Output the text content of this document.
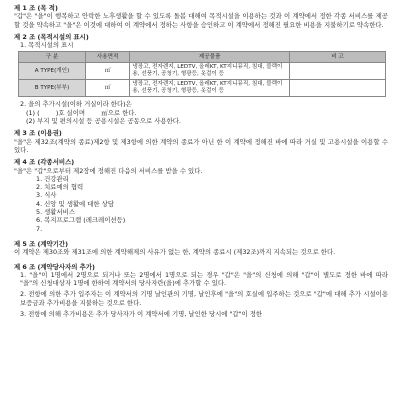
제 1 조 (목 적)
"갑"은 "을"이 행복하고 안락한 노후생활을 할 수 있도록 돌봄 대해여 목적시설을 이용하는 것과 이 계약에서 정한 각종 서비스를 제공할 것을 약속하고 "을"은 이것에 대하여 이 계약에서 정하는 사항을 승인하고 이 계약에서 정해진 필요한 비용을 지불하기로 약속한다.
제 2 조 (목적시설의 표시)
1. 목적시설의 표시
구 분	사용면적	제공물품	비 고
A TYPE(개인)	㎡	냉장고, 전자렌지, LEDTV, 올레KT, KT지니뮤직, 침대, 블랙이용, 선풍기, 공청기, 형광등, 옷걸이 등	
B TYPE(부부)	㎡	냉장고, 전자렌지, LEDTV, 올레KT, KT지니뮤직, 침대, 블랙이용, 선풍기, 공청기, 형광등, 옷걸이 등	
2. 을의 추가시설(이하 거실이라 한다)은
(1) (        )호 실이며        ㎡으로 한다.
(2) 부지 및 편의시설 등 공용시설은 공동으로 사용한다.
제 3 조 (이용권)
"을"은 제32조(계약의 종료)제2항 및 제3항에 의한 계약의 종료가 아닌 한 이 계약에 정해진 바에 따라 거실 및 고용시설을 이용할 수 있다.
제 4 조 (각종서비스)
"을"은 "갑"으로부터 제2장에 정해진 다음의 서비스를 받을 수 있다.
1. 건강관리
2. 치료예의 협력
3. 식사
4. 신앙 및 생활에 대한 상담
5. 생활서비스
6. 복지프로그램 (레크레이션등)
7.
제 5 조 (계약기간)
이 계약은 제30조와 제31조에 의한 계약해제의 사유가 없는 한, 계약의 종료시 (제32조)까지 지속되는 것으로 한다.
제 6 조 (계약당사자의 추가)
1. "을"이 1명에서 2명으로 되거나 또는 2명에서 1명으로 되는 경우 "갑"은 "을"의 신청에 의해 "갑"이 별도로 정한 바에 따라 "을"의 신청대상자 1명에 한하여 계약서의 당사자란(을)에 추가할 수 있다.
2. 전항에 의한 추가 입주자는 이 계약서의 기명 날인관의 기명, 날인후에 "을"의 호실에 입주하는 것으로 "갑"에 대해 추가 시설이용 보증금과 추가비용을 지불하는 것으로 한다.
3. 전항에 의해 추가비용은 추가 당사자가 이 계약서에 기명, 날인한 당시에 "갑"이 정한
